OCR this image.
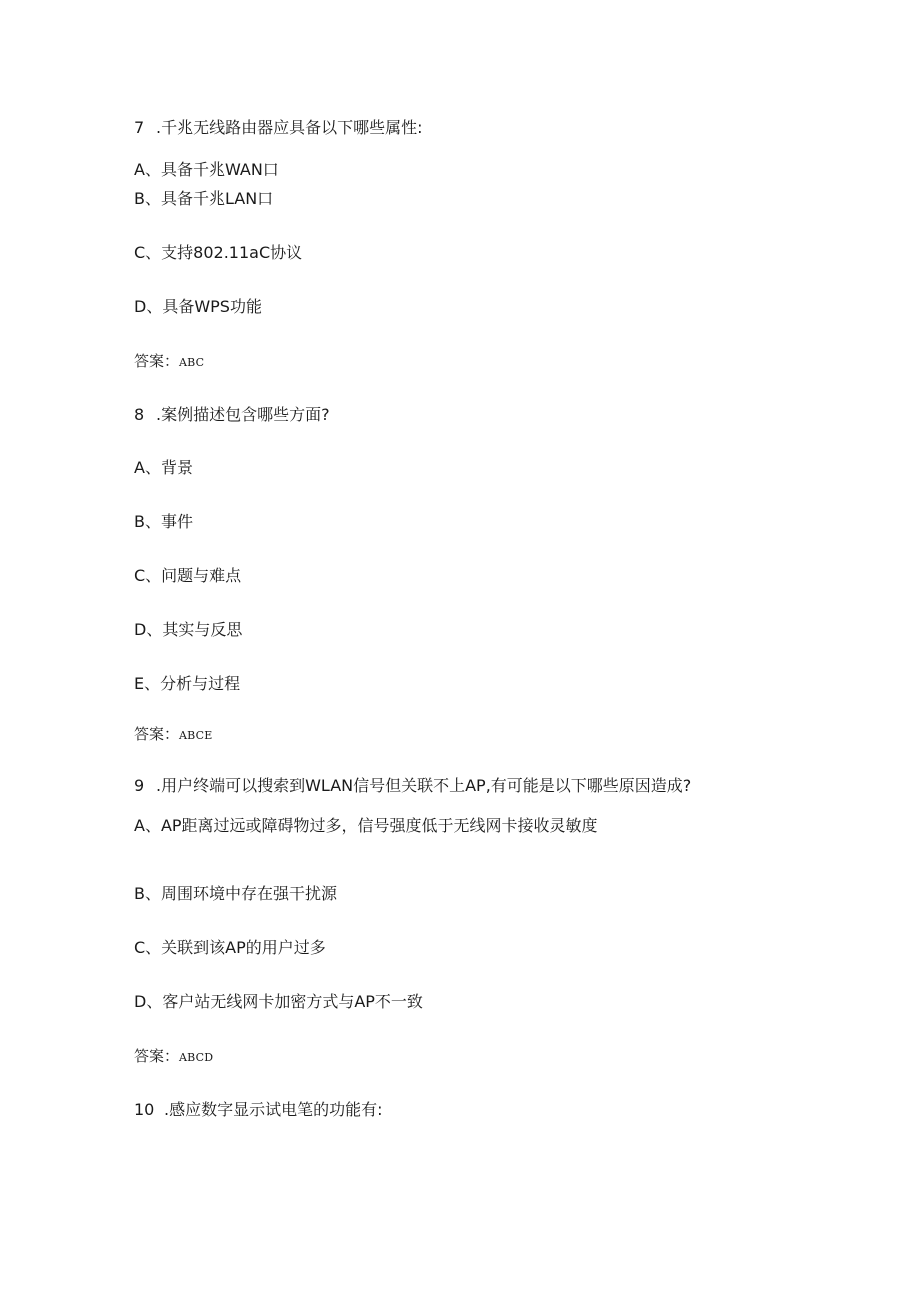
7 .千兆无线路由器应具备以下哪些属性:
A、具备千兆WAN口
B、具备千兆LAN口
C、支持802.11aC协议
D、具备WPS功能
答案：ABC
8 .案例描述包含哪些方面?
A、背景
B、事件
C、问题与难点
D、其实与反思
E、分析与过程
答案：ABCE
9 .用户终端可以搜索到WLAN信号但关联不上AP,有可能是以下哪些原因造成?
A、AP距离过远或障碍物过多，信号强度低于无线网卡接收灵敏度
B、周围环境中存在强干扰源
C、关联到该AP的用户过多
D、客户站无线网卡加密方式与AP不一致
答案：ABCD
10 .感应数字显示试电笔的功能有:
